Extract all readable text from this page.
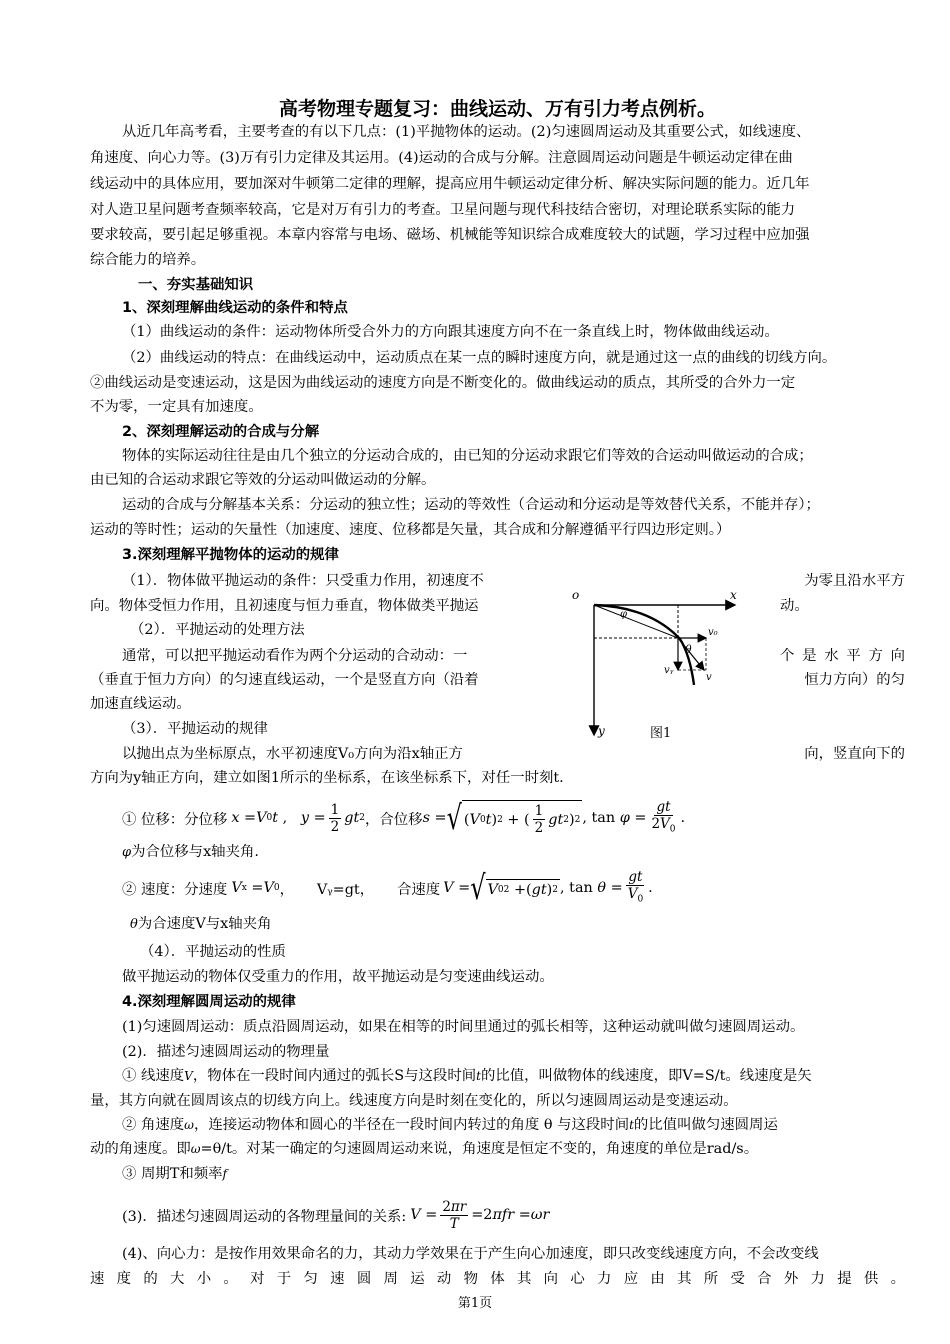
高考物理专题复习：曲线运动、万有引力考点例析。
从近几年高考看，主要考查的有以下几点：(1)平抛物体的运动。(2)匀速圆周运动及其重要公式，如线速度、
角速度、向心力等。(3)万有引力定律及其运用。(4)运动的合成与分解。注意圆周运动问题是牛顿运动定律在曲
线运动中的具体应用，要加深对牛顿第二定律的理解，提高应用牛顿运动定律分析、解决实际问题的能力。近几年
对人造卫星问题考查频率较高，它是对万有引力的考查。卫星问题与现代科技结合密切，对理论联系实际的能力
要求较高，要引起足够重视。本章内容常与电场、磁场、机械能等知识综合成难度较大的试题，学习过程中应加强
综合能力的培养。
一、夯实基础知识
1、深刻理解曲线运动的条件和特点
（1）曲线运动的条件：运动物体所受合外力的方向跟其速度方向不在一条直线上时，物体做曲线运动。
（2）曲线运动的特点：在曲线运动中，运动质点在某一点的瞬时速度方向，就是通过这一点的曲线的切线方向。
②曲线运动是变速运动，这是因为曲线运动的速度方向是不断变化的。做曲线运动的质点，其所受的合外力一定
不为零，一定具有加速度。
2、深刻理解运动的合成与分解
物体的实际运动往往是由几个独立的分运动合成的，由已知的分运动求跟它们等效的合运动叫做运动的合成；
由已知的合运动求跟它等效的分运动叫做运动的分解。
运动的合成与分解基本关系：分运动的独立性；运动的等效性（合运动和分运动是等效替代关系，不能并存）；
运动的等时性；运动的矢量性（加速度、速度、位移都是矢量，其合成和分解遵循平行四边形定则。）
3.深刻理解平抛物体的运动的规律
（1）．物体做平抛运动的条件：只受重力作用，初速度不	为零且沿水平方
向。物体受恒力作用，且初速度与恒力垂直，物体做类平抛运	动。
（2）．平抛运动的处理方法
通常，可以把平抛运动看作为两个分运动的合动动：一	个是水平方向
（垂直于恒力方向）的匀速直线运动，一个是竖直方向（沿着	恒力方向）的匀
加速直线运动。
（3）．平抛运动的规律
以抛出点为坐标原点，水平初速度V₀方向为沿x轴正方	向，竖直向下的
方向为y轴正方向，建立如图1所示的坐标系，在该坐标系下，对任一时刻t.
o	x
y
φ
θ
v₀
vᵧ
v
图1
① 位移：分位移 x = V 0 t , $y = \frac{1}{2}$ gt 2 ，合位移 s = √ ( V 0 t ) 2 + ( $\frac{1}{2}$ gt 2 ) 2 , tan
$\varphi = \frac{gt}{2V_0}$ .
φ为合位移与x轴夹角.
② 速度：分速度 V x = V 0 ， Vᵧ=gt，
合速度 V = √ V 0 2 +( gt ) 2 , tan
$\theta = \frac{gt}{V_0}$ .
θ为合速度V与x轴夹角
（4）．平抛运动的性质
做平抛运动的物体仅受重力的作用，故平抛运动是匀变速曲线运动。
4.深刻理解圆周运动的规律
(1)匀速圆周运动：质点沿圆周运动，如果在相等的时间里通过的弧长相等，这种运动就叫做匀速圆周运动。
(2)．描述匀速圆周运动的物理量
① 线速度V，物体在一段时间内通过的弧长S与这段时间t的比值，叫做物体的线速度，即V=S/t。线速度是矢
量，其方向就在圆周该点的切线方向上。线速度方向是时刻在变化的，所以匀速圆周运动是变速运动。
② 角速度ω，连接运动物体和圆心的半径在一段时间内转过的角度 θ 与这段时间t的比值叫做匀速圆周运
动的角速度。即ω=θ/t。对某一确定的匀速圆周运动来说，角速度是恒定不变的，角速度的单位是rad/s。
③ 周期T和频率f
(3)．描述匀速圆周运动的各物理量间的关系: $V = \frac{2\pi r}{T} =2$ πfr = ωr
(4)、向心力：是按作用效果命名的力，其动力学效果在于产生向心加速度，即只改变线速度方向，不会改变线
速度的大小。对于匀速圆周运动物体其向心力应由其所受合外力提供。
第1页
